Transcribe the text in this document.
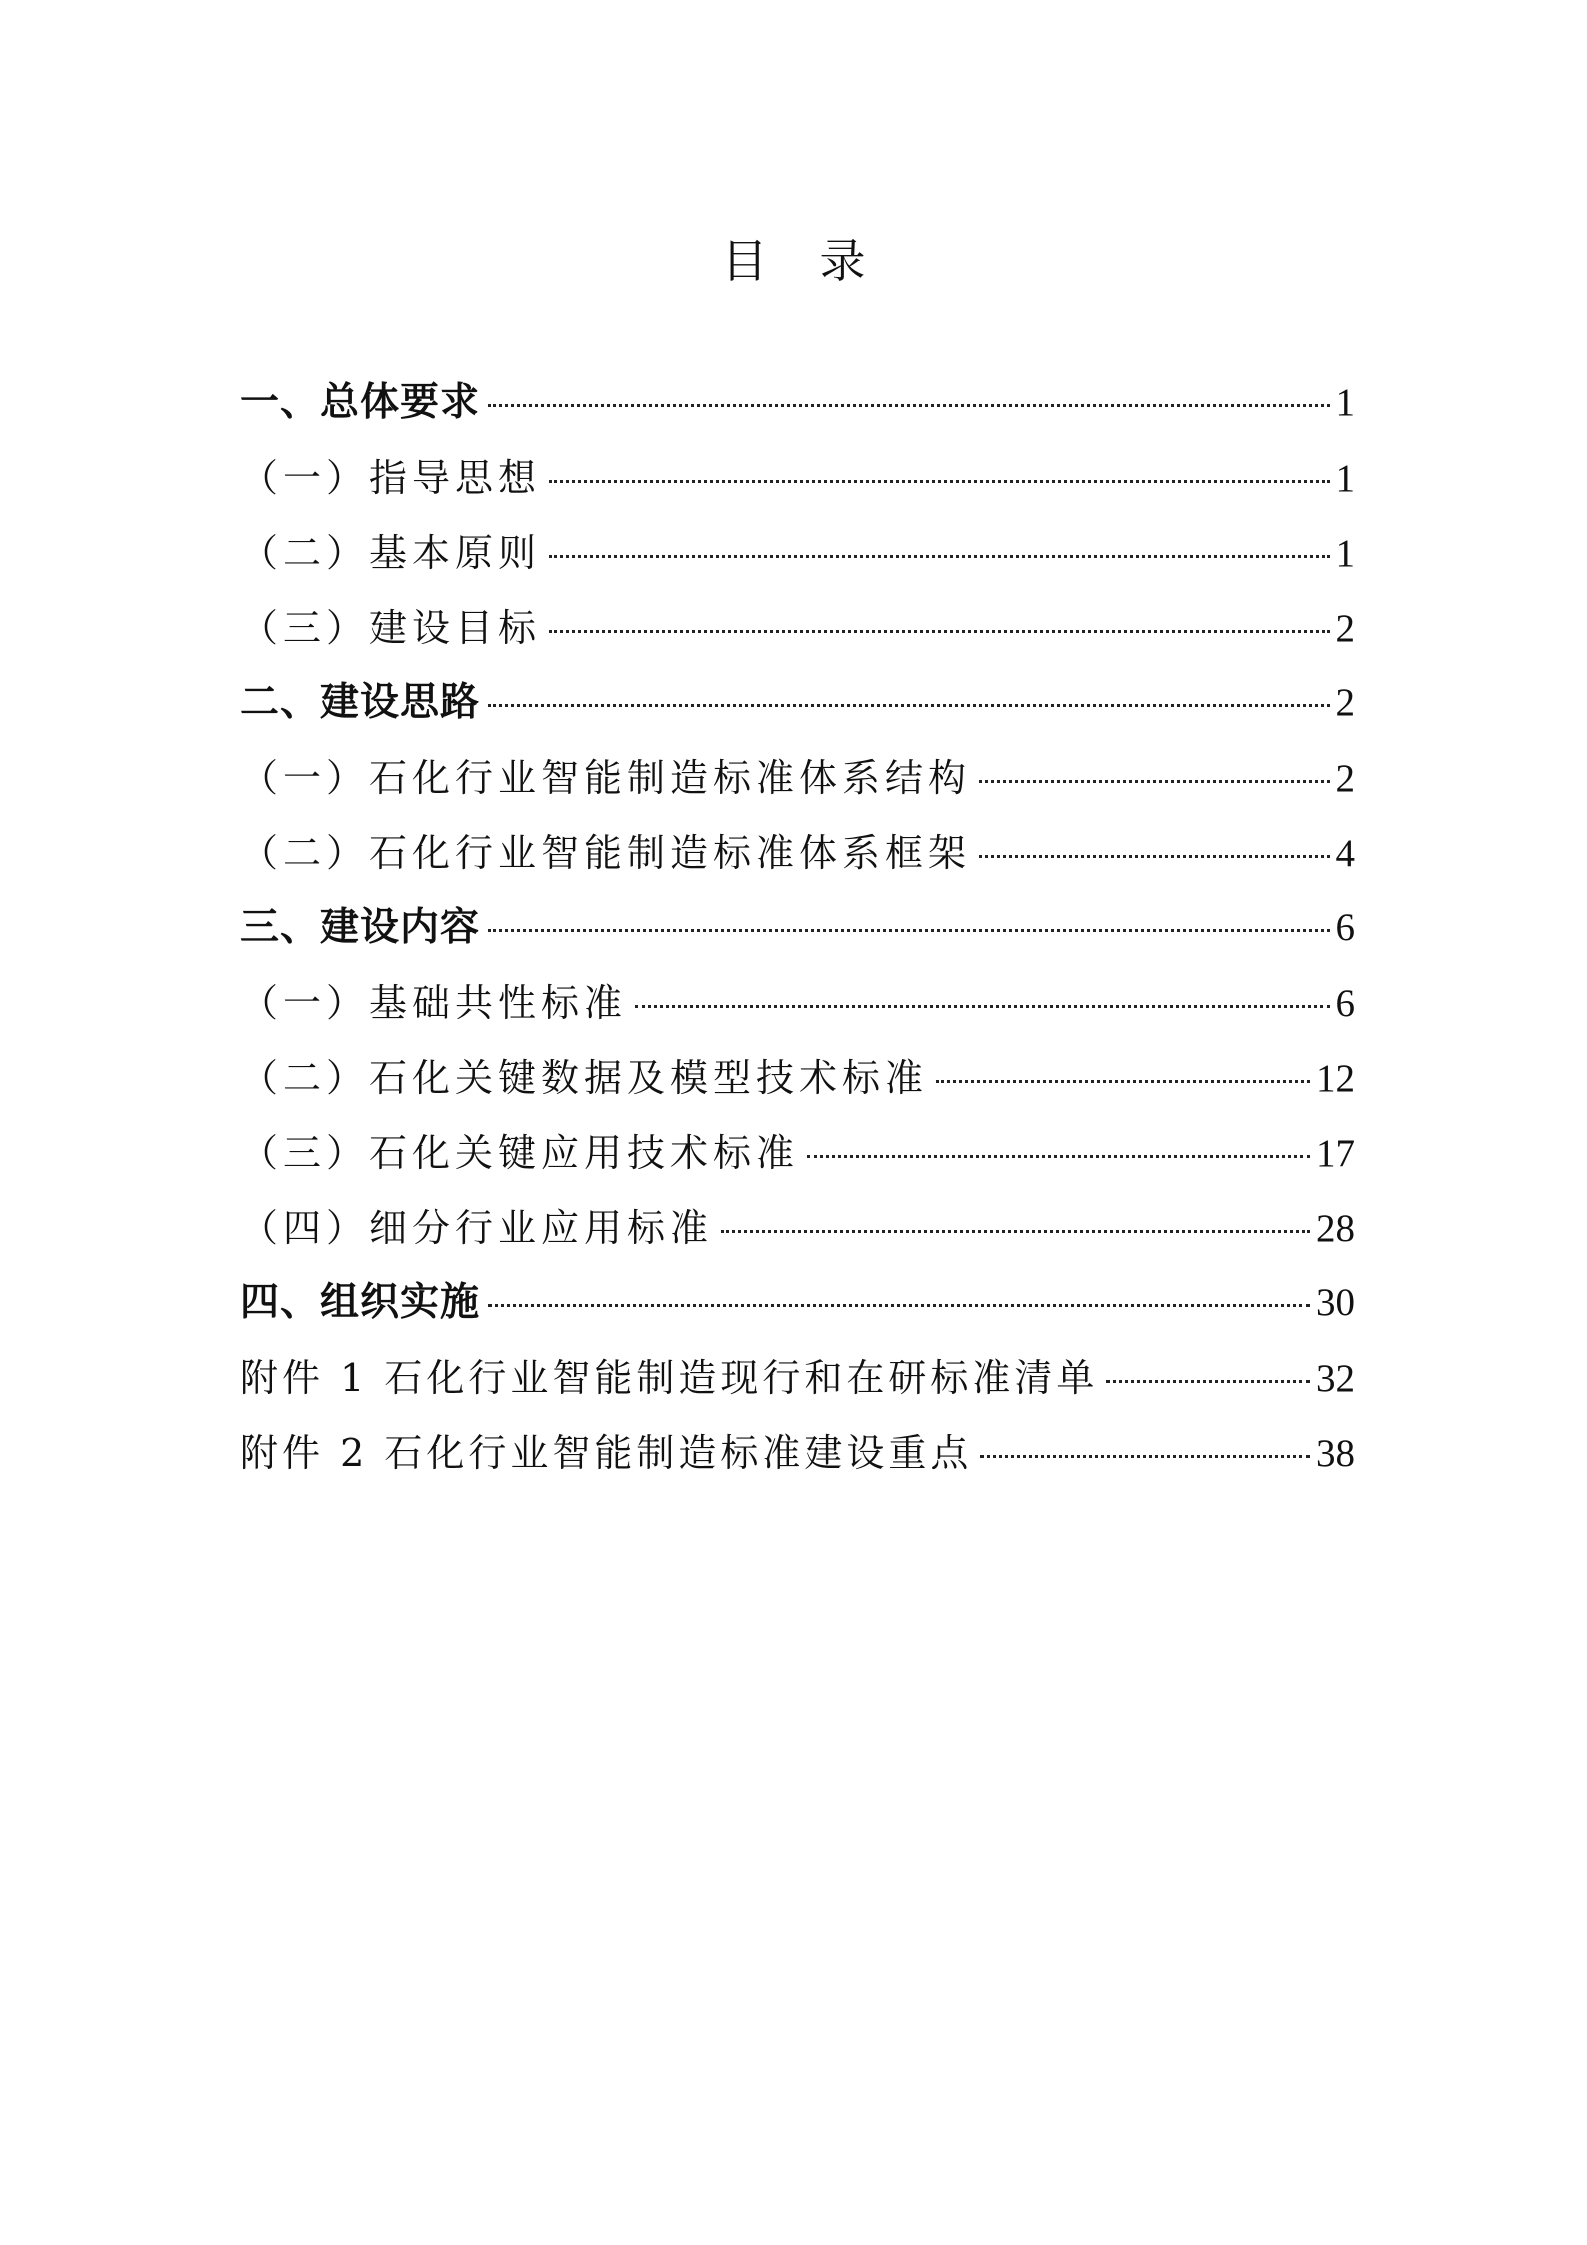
目录
一、总体要求	1
（一）指导思想	1
（二）基本原则	1
（三）建设目标	2
二、建设思路	2
（一）石化行业智能制造标准体系结构	2
（二）石化行业智能制造标准体系框架	4
三、建设内容	6
（一）基础共性标准	6
（二）石化关键数据及模型技术标准	12
（三）石化关键应用技术标准	17
（四）细分行业应用标准	28
四、组织实施	30
附件 1 石化行业智能制造现行和在研标准清单	32
附件 2 石化行业智能制造标准建设重点	38
